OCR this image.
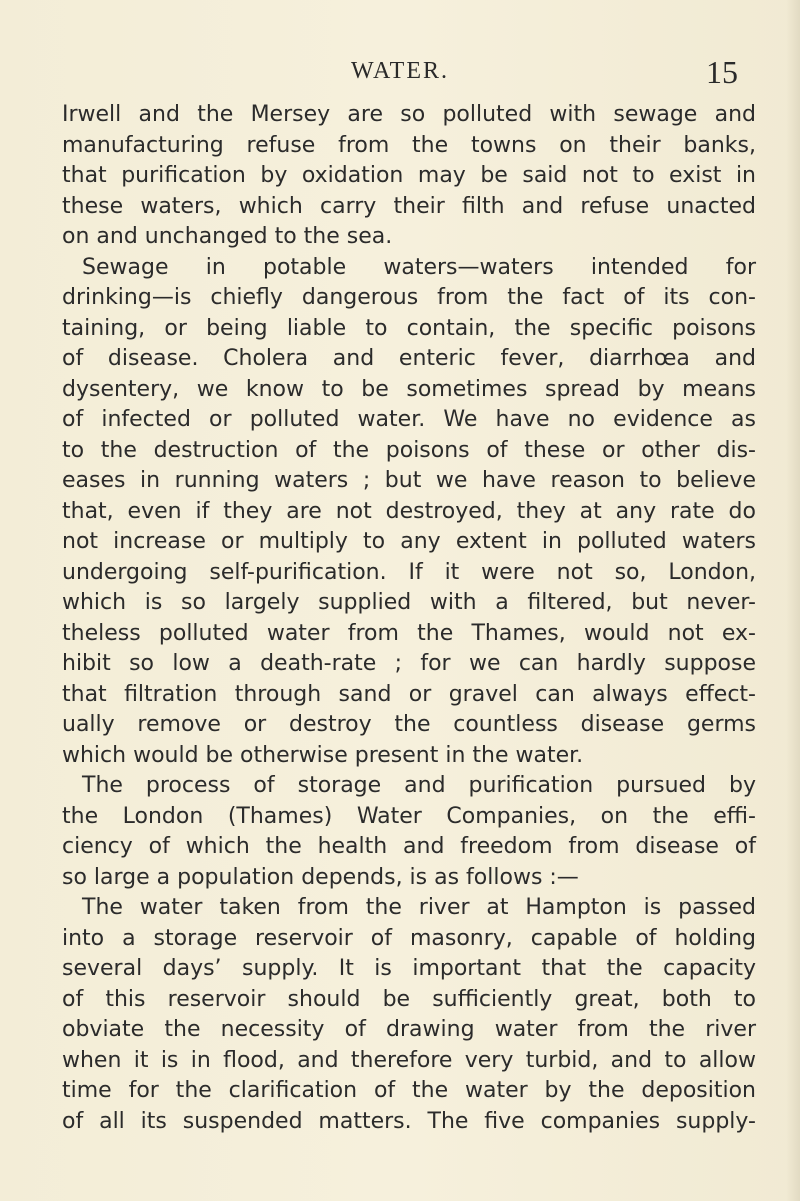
WATER.	15
Irwell and the Mersey are so polluted with sewage and
manufacturing refuse from the towns on their banks,
that purification by oxidation may be said not to exist in
these waters, which carry their filth and refuse unacted
on and unchanged to the sea.
Sewage in potable waters—waters intended for
drinking—is chiefly dangerous from the fact of its con-
taining, or being liable to contain, the specific poisons
of disease. Cholera and enteric fever, diarrhœa and
dysentery, we know to be sometimes spread by means
of infected or polluted water. We have no evidence as
to the destruction of the poisons of these or other dis-
eases in running waters ; but we have reason to believe
that, even if they are not destroyed, they at any rate do
not increase or multiply to any extent in polluted waters
undergoing self-purification. If it were not so, London,
which is so largely supplied with a filtered, but never-
theless polluted water from the Thames, would not ex-
hibit so low a death-rate ; for we can hardly suppose
that filtration through sand or gravel can always effect-
ually remove or destroy the countless disease germs
which would be otherwise present in the water.
The process of storage and purification pursued by
the London (Thames) Water Companies, on the effi-
ciency of which the health and freedom from disease of
so large a population depends, is as follows :—
The water taken from the river at Hampton is passed
into a storage reservoir of masonry, capable of holding
several days’ supply. It is important that the capacity
of this reservoir should be sufficiently great, both to
obviate the necessity of drawing water from the river
when it is in flood, and therefore very turbid, and to allow
time for the clarification of the water by the deposition
of all its suspended matters. The five companies supply-
